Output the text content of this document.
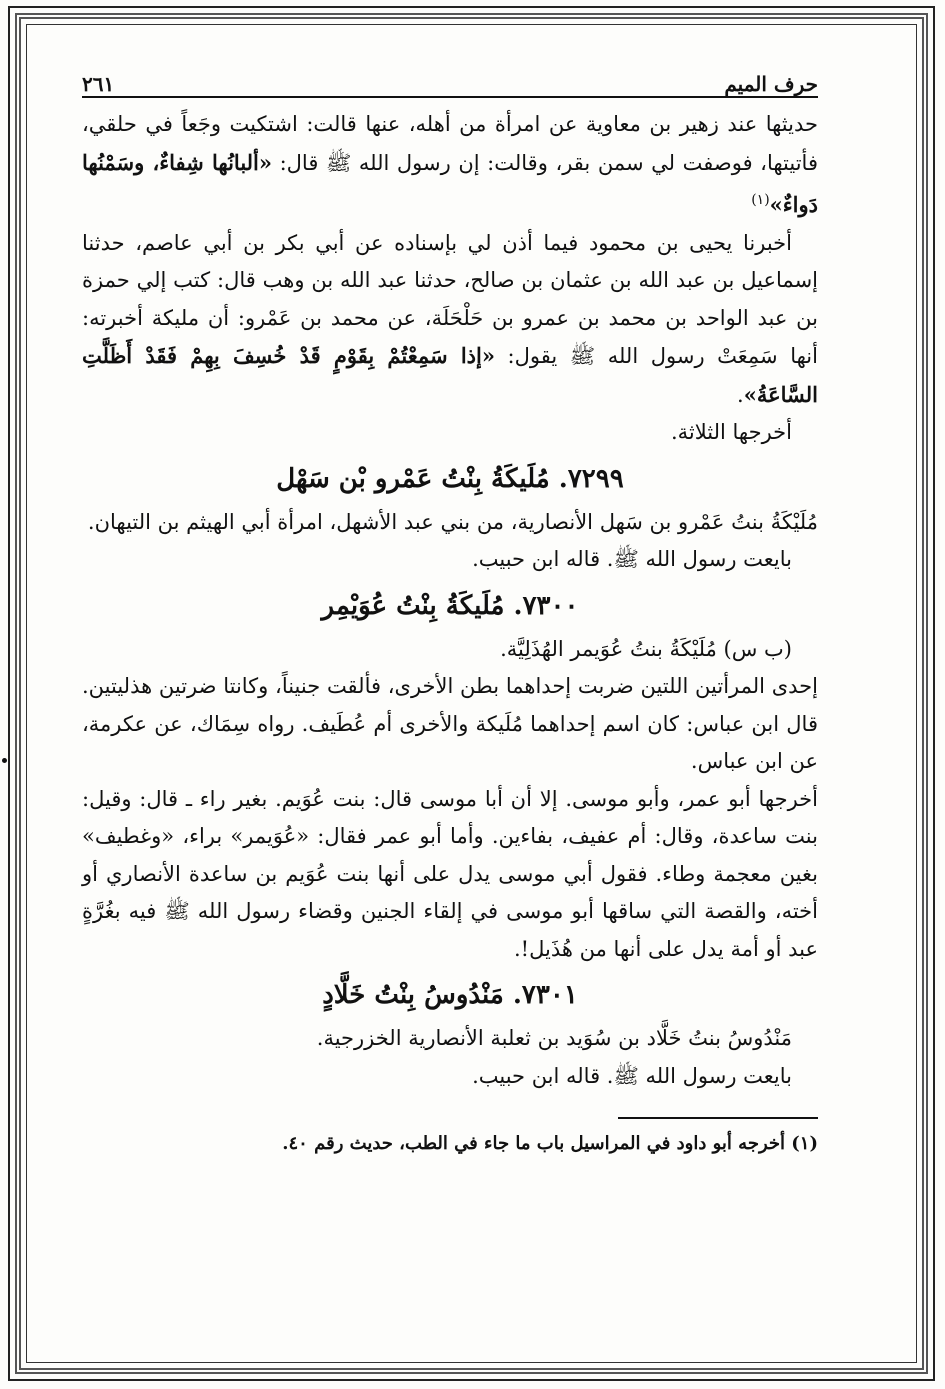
حرف الميم
٢٦١

حديثها عند زهير بن معاوية عن امرأة من أهله، عنها قالت: اشتكيت وجَعاً في حلقي، فأتيتها، فوصفت لي سمن بقر، وقالت: إن رسول الله ﷺ قال: «ألبانُها شِفاءٌ، وسَمْنُها دَواءٌ»$^{(١)}$

أخبرنا يحيى بن محمود فيما أذن لي بإسناده عن أبي بكر بن أبي عاصم، حدثنا إسماعيل بن عبد الله بن عثمان بن صالح، حدثنا عبد الله بن وهب قال: كتب إلي حمزة بن عبد الواحد بن محمد بن عمرو بن حَلْحَلَة، عن محمد بن عَمْرو: أن مليكة أخبرته: أنها سَمِعَتْ رسول الله ﷺ يقول: «إذا سَمِعْتُمْ بِقَوْمٍ قَدْ خُسِفَ بِهِمْ فَقَدْ أَظَلَّتِ السَّاعَةُ».

أخرجها الثلاثة.

٧٢٩٩. مُلَيكَةُ بِنْتُ عَمْرو بْن سَهْل

مُلَيْكَةُ بنتُ عَمْرو بن سَهل الأنصارية، من بني عبد الأشهل، امرأة أبي الهيثم بن التيهان.

بايعت رسول الله ﷺ. قاله ابن حبيب.

٧٣٠٠. مُلَيكَةُ بِنْتُ عُوَيْمِر

(ب س) مُلَيْكَةُ بنتُ عُوَيمر الهُذَلِيَّة.

إحدى المرأتين اللتين ضربت إحداهما بطن الأخرى، فألقت جنيناً، وكانتا ضرتين هذليتين. قال ابن عباس: كان اسم إحداهما مُلَيكة والأخرى أم عُطَيف. رواه سِمَاك، عن عكرمة، عن ابن عباس.

أخرجها أبو عمر، وأبو موسى. إلا أن أبا موسى قال: بنت عُوَيم. بغير راء ـ قال: وقيل: بنت ساعدة، وقال: أم عفيف، بفاءين. وأما أبو عمر فقال: «عُوَيمر» براء، «وغطيف» بغين معجمة وطاء. فقول أبي موسى يدل على أنها بنت عُوَيم بن ساعدة الأنصاري أو أخته، والقصة التي ساقها أبو موسى في إلقاء الجنين وقضاء رسول الله ﷺ فيه بغُرَّةٍ عبد أو أمة يدل على أنها من هُذَيل!.

٧٣٠١. مَنْدُوسُ بِنْتُ خَلَّادٍ

مَنْدُوسُ بنتُ خَلَّاد بن سُوَيد بن ثعلبة الأنصارية الخزرجية.

بايعت رسول الله ﷺ. قاله ابن حبيب.

(١) أخرجه أبو داود في المراسيل باب ما جاء في الطب، حديث رقم ٤٠.
